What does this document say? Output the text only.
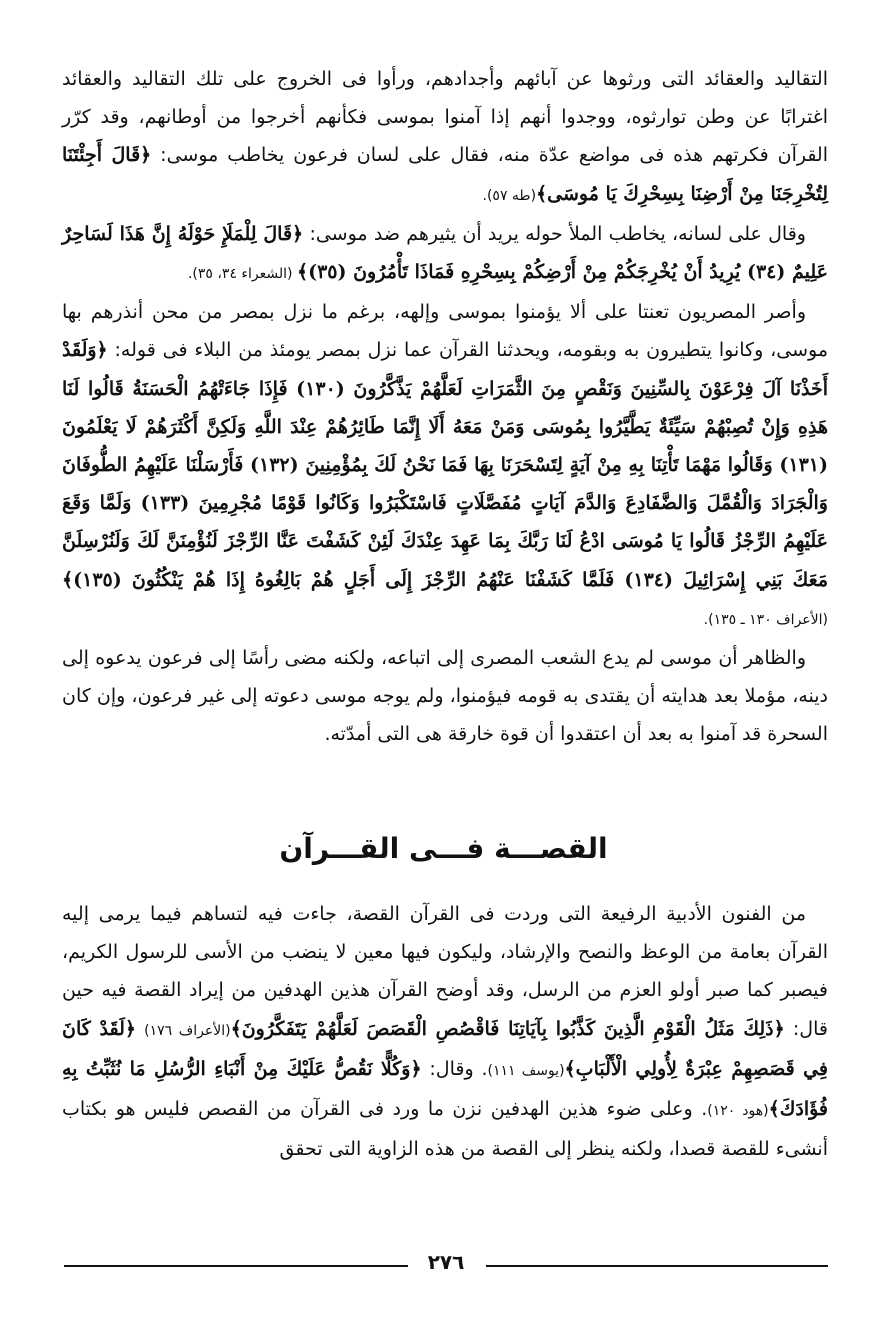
التقاليد والعقائد التى ورثوها عن آبائهم وأجدادهم، ورأوا فى الخروج على تلك التقاليد والعقائد اغترابًا عن وطن توارثوه، ووجدوا أنهم إذا آمنوا بموسى فكأنهم أخرجوا من أوطانهم، وقد كرّر القرآن فكرتهم هذه فى مواضع عدّة منه، فقال على لسان فرعون يخاطب موسى: ﴿قَالَ أَجِئْتَنَا لِتُخْرِجَنَا مِنْ أَرْضِنَا بِسِحْرِكَ يَا مُوسَى﴾(طه ٥٧).

وقال على لسانه، يخاطب الملأ حوله يريد أن يثيرهم ضد موسى: ﴿قَالَ لِلْمَلَإِ حَوْلَهُ إِنَّ هَذَا لَسَاحِرٌ عَلِيمٌ (٣٤) يُرِيدُ أَنْ يُخْرِجَكُمْ مِنْ أَرْضِكُمْ بِسِحْرِهِ فَمَاذَا تَأْمُرُونَ (٣٥)﴾ (الشعراء ٣٤، ٣٥).

وأصر المصريون تعنتا على ألا يؤمنوا بموسى وإلهه، برغم ما نزل بمصر من محن أنذرهم بها موسى، وكانوا يتطيرون به وبقومه، ويحدثنا القرآن عما نزل بمصر يومئذ من البلاء فى قوله: ﴿وَلَقَدْ أَخَذْنَا آلَ فِرْعَوْنَ بِالسِّنِينَ وَنَقْصٍ مِنَ الثَّمَرَاتِ لَعَلَّهُمْ يَذَّكَّرُونَ (١٣٠) فَإِذَا جَاءَتْهُمُ الْحَسَنَةُ قَالُوا لَنَا هَذِهِ وَإِنْ تُصِبْهُمْ سَيِّئَةٌ يَطَّيَّرُوا بِمُوسَى وَمَنْ مَعَهُ أَلَا إِنَّمَا طَائِرُهُمْ عِنْدَ اللَّهِ وَلَكِنَّ أَكْثَرَهُمْ لَا يَعْلَمُونَ (١٣١) وَقَالُوا مَهْمَا تَأْتِنَا بِهِ مِنْ آيَةٍ لِتَسْحَرَنَا بِهَا فَمَا نَحْنُ لَكَ بِمُؤْمِنِينَ (١٣٢) فَأَرْسَلْنَا عَلَيْهِمُ الطُّوفَانَ وَالْجَرَادَ وَالْقُمَّلَ وَالضَّفَادِعَ وَالدَّمَ آيَاتٍ مُفَصَّلَاتٍ فَاسْتَكْبَرُوا وَكَانُوا قَوْمًا مُجْرِمِينَ (١٣٣) وَلَمَّا وَقَعَ عَلَيْهِمُ الرِّجْزُ قَالُوا يَا مُوسَى ادْعُ لَنَا رَبَّكَ بِمَا عَهِدَ عِنْدَكَ لَئِنْ كَشَفْتَ عَنَّا الرِّجْزَ لَنُؤْمِنَنَّ لَكَ وَلَنُرْسِلَنَّ مَعَكَ بَنِي إِسْرَائِيلَ (١٣٤) فَلَمَّا كَشَفْنَا عَنْهُمُ الرِّجْزَ إِلَى أَجَلٍ هُمْ بَالِغُوهُ إِذَا هُمْ يَنْكُثُونَ (١٣٥)﴾ (الأعراف ١٣٠ ـ ١٣٥).

والظاهر أن موسى لم يدع الشعب المصرى إلى اتباعه، ولكنه مضى رأسًا إلى فرعون يدعوه إلى دينه، مؤملا بعد هدايته أن يقتدى به قومه فيؤمنوا، ولم يوجه موسى دعوته إلى غير فرعون، وإن كان السحرة قد آمنوا به بعد أن اعتقدوا أن قوة خارقة هى التى أمدّته.

القصـــة فـــى القـــرآن

من الفنون الأدبية الرفيعة التى وردت فى القرآن القصة، جاءت فيه لتساهم فيما يرمى إليه القرآن بعامة من الوعظ والنصح والإرشاد، وليكون فيها معين لا ينضب من الأسى للرسول الكريم، فيصبر كما صبر أولو العزم من الرسل، وقد أوضح القرآن هذين الهدفين من إيراد القصة فيه حين قال: ﴿ذَلِكَ مَثَلُ الْقَوْمِ الَّذِينَ كَذَّبُوا بِآيَاتِنَا فَاقْصُصِ الْقَصَصَ لَعَلَّهُمْ يَتَفَكَّرُونَ﴾(الأعراف ١٧٦) ﴿لَقَدْ كَانَ فِي قَصَصِهِمْ عِبْرَةٌ لِأُولِي الْأَلْبَابِ﴾(يوسف ١١١). وقال: ﴿وَكُلًّا نَقُصُّ عَلَيْكَ مِنْ أَنْبَاءِ الرُّسُلِ مَا نُثَبِّتُ بِهِ فُؤَادَكَ﴾(هود ١٢٠). وعلى ضوء هذين الهدفين نزن ما ورد فى القرآن من القصص فليس هو بكتاب أنشىء للقصة قصدا، ولكنه ينظر إلى القصة من هذه الزاوية التى تحقق

٢٧٦
